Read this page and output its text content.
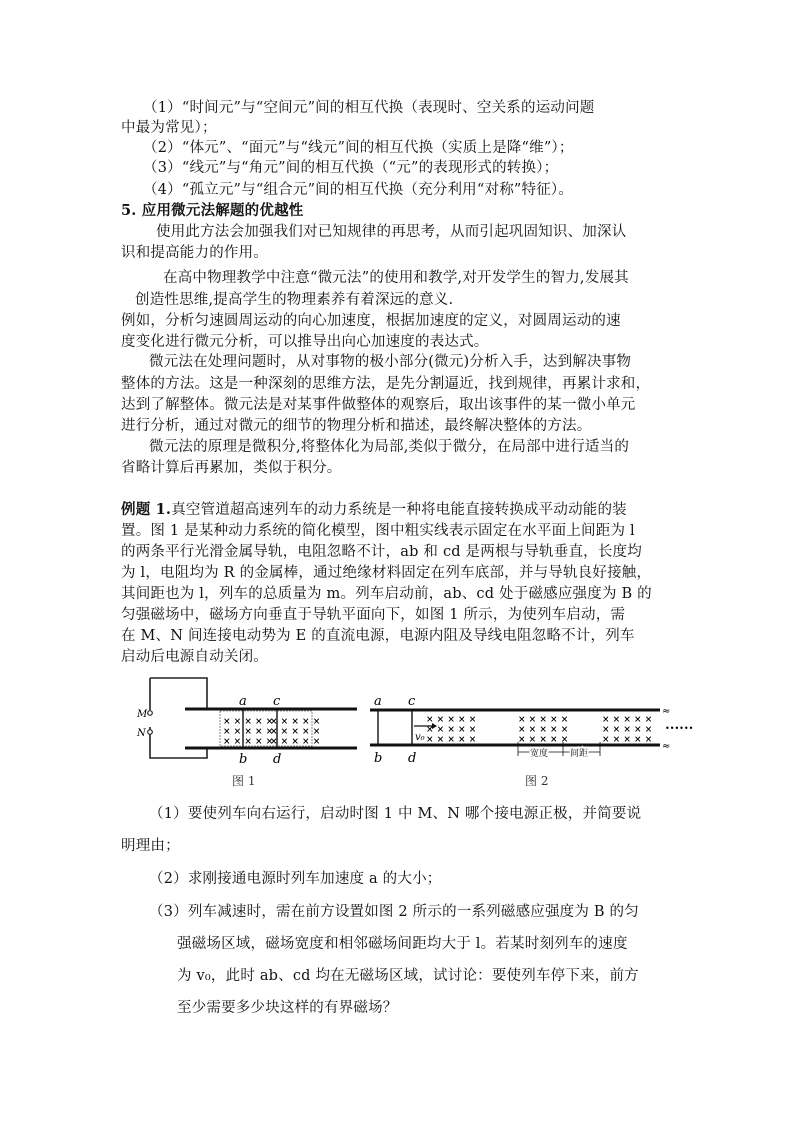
（1）“时间元”与“空间元”间的相互代换（表现时、空关系的运动问题
中最为常见）；
（2）“体元”、“面元”与“线元”间的相互代换（实质上是降“维”）；
（3）“线元”与“角元”间的相互代换（“元”的表现形式的转换）；
（4）“孤立元”与“组合元”间的相互代换（充分利用“对称”特征）。
5. 应用微元法解题的优越性
使用此方法会加强我们对已知规律的再思考，从而引起巩固知识、加深认
识和提高能力的作用。
在高中物理教学中注意“微元法”的使用和教学,对开发学生的智力,发展其
创造性思维,提高学生的物理素养有着深远的意义.
例如，分析匀速圆周运动的向心加速度，根据加速度的定义，对圆周运动的速
度变化进行微元分析，可以推导出向心加速度的表达式。
微元法在处理问题时，从对事物的极小部分(微元)分析入手，达到解决事物
整体的方法。这是一种深刻的思维方法，是先分割逼近，找到规律，再累计求和，
达到了解整体。微元法是对某事件做整体的观察后，取出该事件的某一微小单元
进行分析，通过对微元的细节的物理分析和描述，最终解决整体的方法。
微元法的原理是微积分,将整体化为局部,类似于微分，在局部中进行适当的
省略计算后再累加，类似于积分。
例题 1.真空管道超高速列车的动力系统是一种将电能直接转换成平动动能的装
置。图 1 是某种动力系统的简化模型，图中粗实线表示固定在水平面上间距为 l
的两条平行光滑金属导轨，电阻忽略不计，ab 和 cd 是两根与导轨垂直，长度均
为 l，电阻均为 R 的金属棒，通过绝缘材料固定在列车底部，并与导轨良好接触，
其间距也为 l，列车的总质量为 m。列车启动前，ab、cd 处于磁感应强度为 B 的
匀强磁场中，磁场方向垂直于导轨平面向下，如图 1 所示，为使列车启动，需
在 M、N 间连接电动势为 E 的直流电源，电源内阻及导线电阻忽略不计，列车
启动后电源自动关闭。
M
N
× × × × ×
× × × × ×
× × × × ×
× × × × ×
× × × × ×
× × × × ×
a c
b d
图 1
≈
≈
••••••
a c
b d
v₀
× × × × ×
× × × × ×
× × × × ×
× × × × ×
× × × × ×
× × × × ×
× × × × ×
× × × × ×
× × × × ×
宽度 间距
图 2
（1）要使列车向右运行，启动时图 1 中 M、N 哪个接电源正极，并简要说
明理由；
（2）求刚接通电源时列车加速度 a 的大小；
（3）列车减速时，需在前方设置如图 2 所示的一系列磁感应强度为 B 的匀
强磁场区域，磁场宽度和相邻磁场间距均大于 l。若某时刻列车的速度
为 v₀，此时 ab、cd 均在无磁场区域，试讨论：要使列车停下来，前方
至少需要多少块这样的有界磁场？
